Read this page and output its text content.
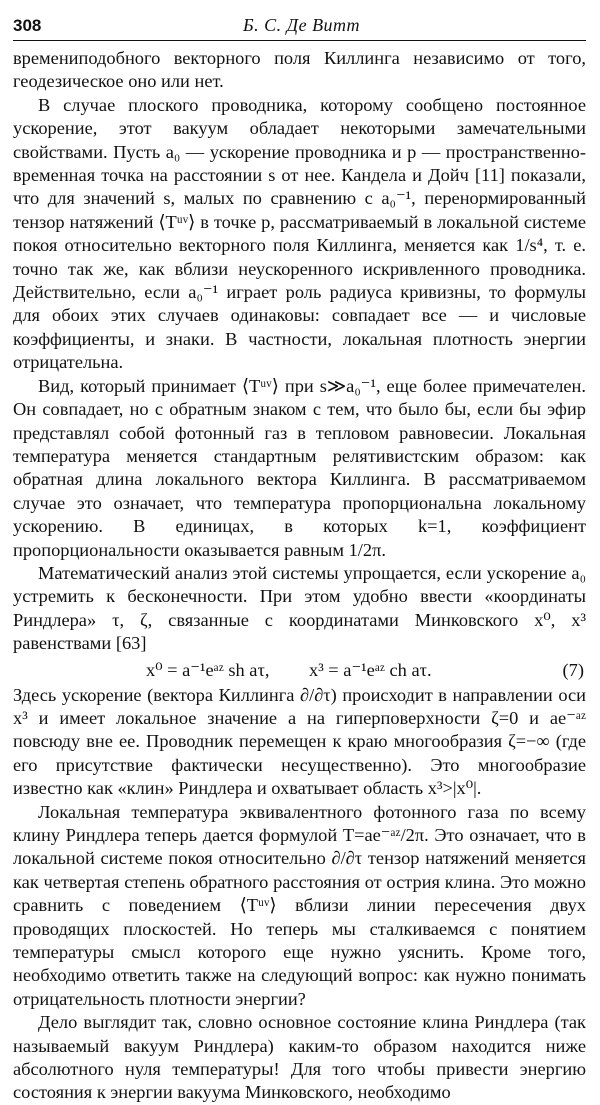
308	Б. С. Де Витт

времениподобного векторного поля Киллинга независимо от того, геодезическое оно или нет.

В случае плоского проводника, которому сообщено постоянное ускорение, этот вакуум обладает некоторыми замечательными свойствами. Пусть a₀ — ускорение проводника и p — пространственно-временная точка на расстоянии s от нее. Кандела и Дойч [11] показали, что для значений s, малых по сравнению с a₀⁻¹, перенормированный тензор натяжений ⟨Tᵘᵛ⟩ в точке p, рассматриваемый в локальной системе покоя относительно векторного поля Киллинга, меняется как 1/s⁴, т. е. точно так же, как вблизи неускоренного искривленного проводника. Действительно, если a₀⁻¹ играет роль радиуса кривизны, то формулы для обоих этих случаев одинаковы: совпадает все — и числовые коэффициенты, и знаки. В частности, локальная плотность энергии отрицательна.

Вид, который принимает ⟨Tᵘᵛ⟩ при s≫a₀⁻¹, еще более примечателен. Он совпадает, но с обратным знаком с тем, что было бы, если бы эфир представлял собой фотонный газ в тепловом равновесии. Локальная температура меняется стандартным релятивистским образом: как обратная длина локального вектора Киллинга. В рассматриваемом случае это означает, что температура пропорциональна локальному ускорению. В единицах, в которых k=1, коэффициент пропорциональности оказывается равным 1/2π.

Математический анализ этой системы упрощается, если ускорение a₀ устремить к бесконечности. При этом удобно ввести «координаты Риндлера» τ, ζ, связанные с координатами Минковского x⁰, x³ равенствами [63]

x⁰ = a⁻¹eᵃᶻ sh aτ, x³ = a⁻¹eᵃᶻ ch aτ.	(7)

Здесь ускорение (вектора Киллинга ∂/∂τ) происходит в направлении оси x³ и имеет локальное значение a на гиперповерхности ζ=0 и ae⁻ᵃᶻ повсюду вне ее. Проводник перемещен к краю многообразия ζ=−∞ (где его присутствие фактически несущественно). Это многообразие известно как «клин» Риндлера и охватывает область x³>|x⁰|.

Локальная температура эквивалентного фотонного газа по всему клину Риндлера теперь дается формулой T=ae⁻ᵃᶻ/2π. Это означает, что в локальной системе покоя относительно ∂/∂τ тензор натяжений меняется как четвертая степень обратного расстояния от острия клина. Это можно сравнить с поведением ⟨Tᵘᵛ⟩ вблизи линии пересечения двух проводящих плоскостей. Но теперь мы сталкиваемся с понятием температуры смысл которого еще нужно уяснить. Кроме того, необходимо ответить также на следующий вопрос: как нужно понимать отрицательность плотности энергии?

Дело выглядит так, словно основное состояние клина Риндлера (так называемый вакуум Риндлера) каким-то образом находится ниже абсолютного нуля температуры! Для того чтобы привести энергию состояния к энергии вакуума Минковского, необходимо
